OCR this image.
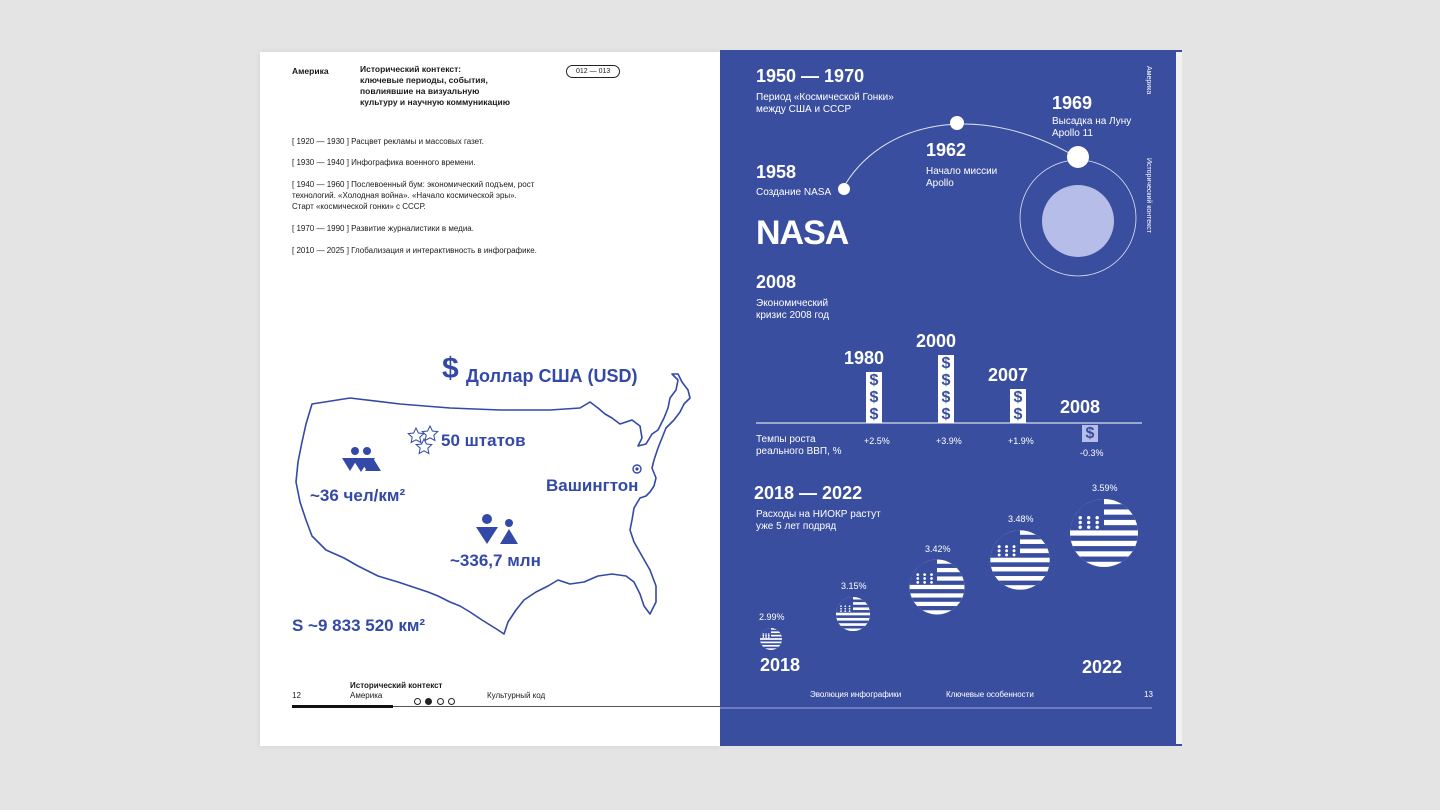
Америка	Исторический контекст:
ключевые периоды, события,
повлиявшие на визуальную
культуру и научную коммуникацию
012 — 013
[ 1920 — 1930 ] Расцвет рекламы и массовых газет.
[ 1930 — 1940 ] Инфографика военного времени.
[ 1940 — 1960 ] Послевоенный бум: экономический подъем, рост
технологий. «Холодная война». «Начало космической эры».
Старт «космической гонки» с СССР.
[ 1970 — 1990 ] Развитие журналистики в медиа.
[ 2010 — 2025 ] Глобализация и интерактивность в инфографике.
$ Доллар США (USD)
50 штатов
Вашингтон
~36 чел/км²
~336,7 млн
S ~9 833 520 км²
12
Исторический контекст
Америка
	Культурный код
1950 — 1970
Период «Космической Гонки»
между США и СССР
1958
Создание NASA
1962
Начало миссии
Apollo
1969
Высадка на Луну
Apollo 11
NASA
2008
Экономический
кризис 2008 год
Темпы роста
реального ВВП, %
$
$
$
1980
+2.5%
$
$
$
$
2000
+3.9%
$
$
2007
+1.9%	$
2008
-0.3%
2018 — 2022
Расходы на НИОКР растут
уже 5 лет подряд
2.99%
3.15%
3.42%
3.48%
3.59%
2018	2022
Америка
Исторический контекст
Эволюция инфографики	Ключевые особенности	13
